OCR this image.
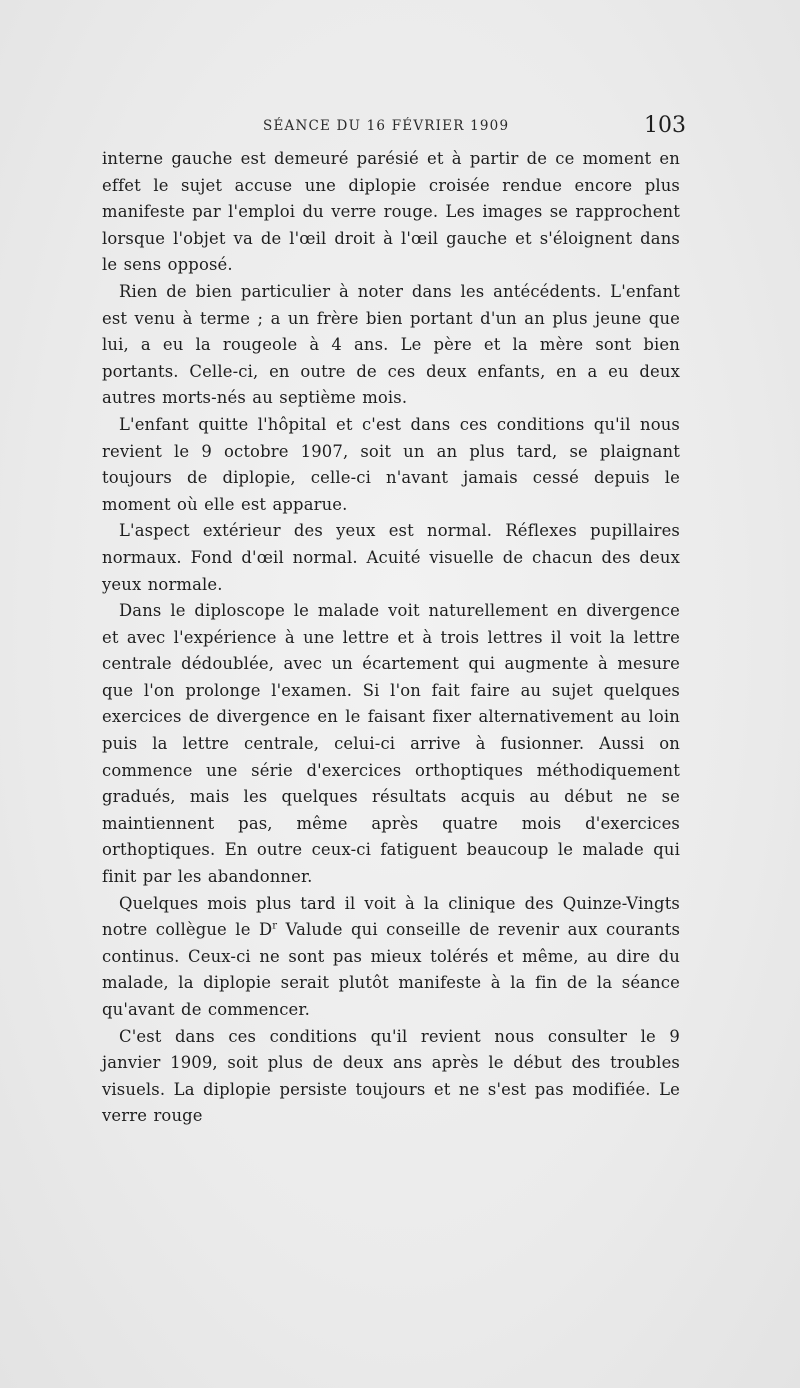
SÉANCE DU 16 FÉVRIER 1909	103

interne gauche est demeuré parésié et à partir de ce moment en effet le sujet accuse une diplopie croisée rendue encore plus manifeste par l'emploi du verre rouge. Les images se rapprochent lorsque l'objet va de l'œil droit à l'œil gauche et s'éloignent dans le sens opposé.

Rien de bien particulier à noter dans les antécédents. L'enfant est venu à terme ; a un frère bien portant d'un an plus jeune que lui, a eu la rougeole à 4 ans. Le père et la mère sont bien portants. Celle-ci, en outre de ces deux enfants, en a eu deux autres morts-nés au septième mois.

L'enfant quitte l'hôpital et c'est dans ces conditions qu'il nous revient le 9 octobre 1907, soit un an plus tard, se plaignant toujours de diplopie, celle-ci n'avant jamais cessé depuis le moment où elle est apparue.

L'aspect extérieur des yeux est normal. Réflexes pupillaires normaux. Fond d'œil normal. Acuité visuelle de chacun des deux yeux normale.

Dans le diploscope le malade voit naturellement en divergence et avec l'expérience à une lettre et à trois lettres il voit la lettre centrale dédoublée, avec un écartement qui augmente à mesure que l'on prolonge l'examen. Si l'on fait faire au sujet quelques exercices de divergence en le faisant fixer alternativement au loin puis la lettre centrale, celui-ci arrive à fusionner. Aussi on commence une série d'exercices orthoptiques méthodiquement gradués, mais les quelques résultats acquis au début ne se maintiennent pas, même après quatre mois d'exercices orthoptiques. En outre ceux-ci fatiguent beaucoup le malade qui finit par les abandonner.

Quelques mois plus tard il voit à la clinique des Quinze-Vingts notre collègue le $D^r$ Valude qui conseille de revenir aux courants continus. Ceux-ci ne sont pas mieux tolérés et même, au dire du malade, la diplopie serait plutôt manifeste à la fin de la séance qu'avant de commencer.

C'est dans ces conditions qu'il revient nous consulter le 9 janvier 1909, soit plus de deux ans après le début des troubles visuels. La diplopie persiste toujours et ne s'est pas modifiée. Le verre rouge
